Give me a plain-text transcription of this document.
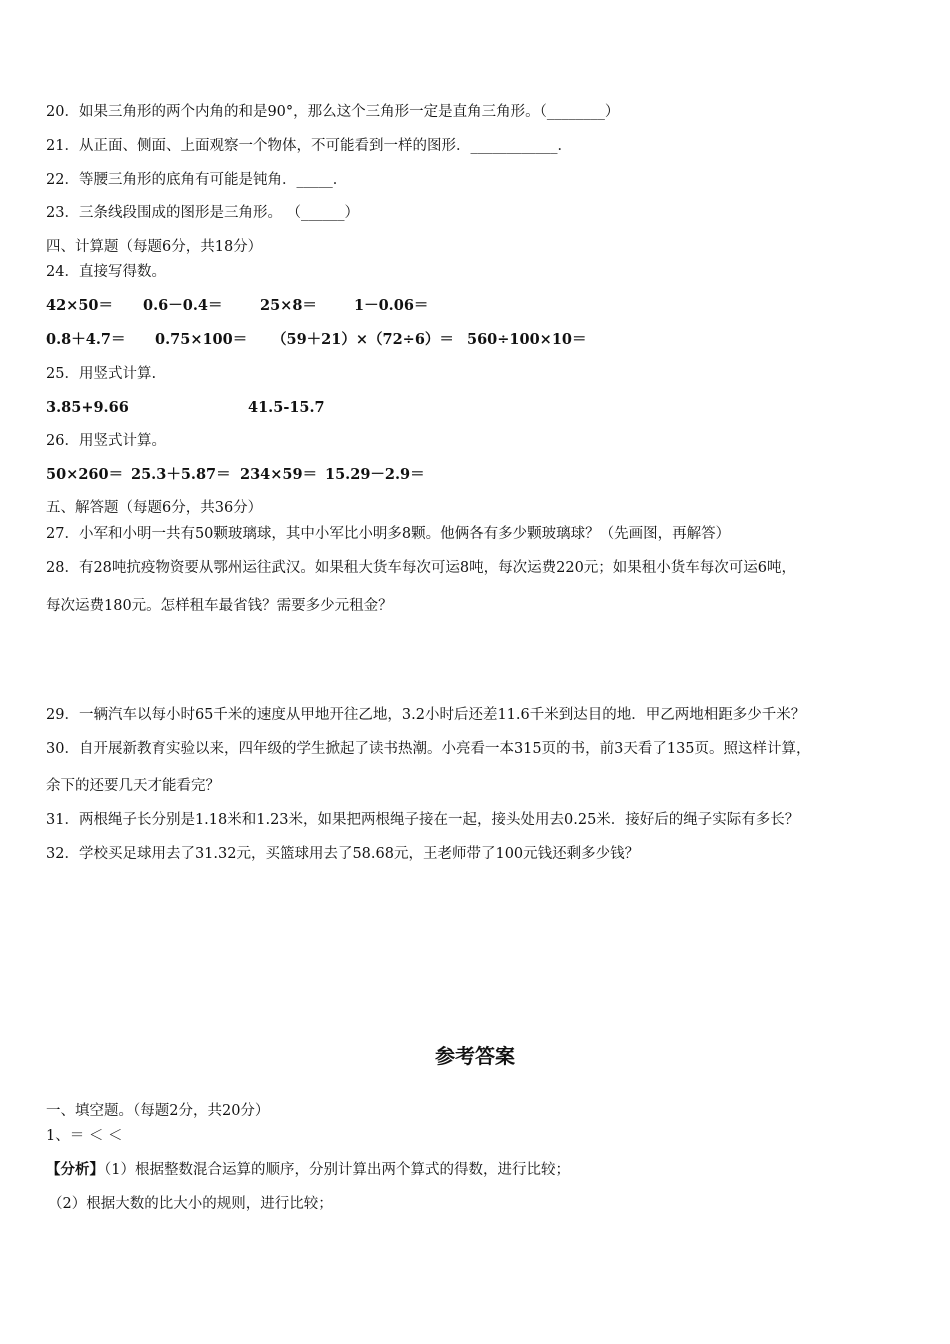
20．如果三角形的两个内角的和是90°，那么这个三角形一定是直角三角形。（________）
21．从正面、侧面、上面观察一个物体，不可能看到一样的图形．____________．
22．等腰三角形的底角有可能是钝角．_____．
23．三条线段围成的图形是三角形。 （______）
四、计算题（每题6分，共18分）
24．直接写得数。
42×50＝ 0.6－0.4＝	25×8＝	1－0.06＝
0.8＋4.7＝ 0.75×100＝ （59＋21）×（72÷6）＝ 560÷100×10＝
25．用竖式计算.
3.85+9.66	41.5-15.7
26．用竖式计算。
50×260＝ 25.3＋5.87＝ 234×59＝ 15.29－2.9＝
五、解答题（每题6分，共36分）
27．小军和小明一共有50颗玻璃球，其中小军比小明多8颗。他俩各有多少颗玻璃球？（先画图，再解答）
28．有28吨抗疫物资要从鄂州运往武汉。如果租大货车每次可运8吨，每次运费220元；如果租小货车每次可运6吨，
每次运费180元。怎样租车最省钱？需要多少元租金？
29．一辆汽车以每小时65千米的速度从甲地开往乙地，3.2小时后还差11.6千米到达目的地．甲乙两地相距多少千米？
30．自开展新教育实验以来，四年级的学生掀起了读书热潮。小亮看一本315页的书，前3天看了135页。照这样计算，
余下的还要几天才能看完？
31．两根绳子长分别是1.18米和1.23米，如果把两根绳子接在一起，接头处用去0.25米．接好后的绳子实际有多长？
32．学校买足球用去了31.32元，买篮球用去了58.68元，王老师带了100元钱还剩多少钱？
参考答案
一、填空题。（每题2分，共20分）
1、＝ ＜ ＜
【分析】（1）根据整数混合运算的顺序，分别计算出两个算式的得数，进行比较；
（2）根据大数的比大小的规则，进行比较；
